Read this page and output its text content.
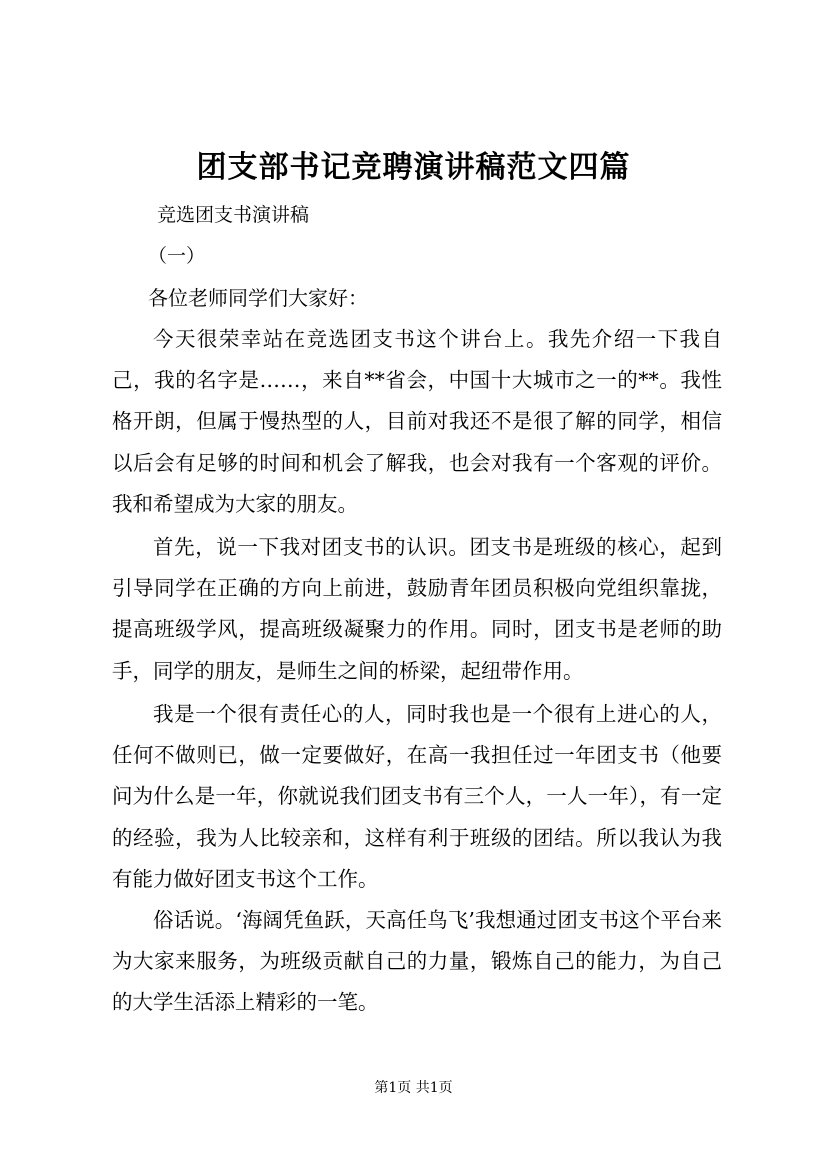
团支部书记竞聘演讲稿范文四篇
竞选团支书演讲稿
（一）
各位老师同学们大家好：

今天很荣幸站在竞选团支书这个讲台上。我先介绍一下我自己，我的名字是……，来自**省会，中国十大城市之一的**。我性格开朗，但属于慢热型的人，目前对我还不是很了解的同学，相信以后会有足够的时间和机会了解我，也会对我有一个客观的评价。我和希望成为大家的朋友。

首先，说一下我对团支书的认识。团支书是班级的核心，起到引导同学在正确的方向上前进，鼓励青年团员积极向党组织靠拢，提高班级学风，提高班级凝聚力的作用。同时，团支书是老师的助手，同学的朋友，是师生之间的桥梁，起纽带作用。

我是一个很有责任心的人，同时我也是一个很有上进心的人，任何不做则已，做一定要做好，在高一我担任过一年团支书（他要问为什么是一年，你就说我们团支书有三个人，一人一年），有一定的经验，我为人比较亲和，这样有利于班级的团结。所以我认为我有能力做好团支书这个工作。

俗话说。‘海阔凭鱼跃，天高任鸟飞’我想通过团支书这个平台来为大家来服务，为班级贡献自己的力量，锻炼自己的能力，为自己的大学生活添上精彩的一笔。

第1页 共1页
